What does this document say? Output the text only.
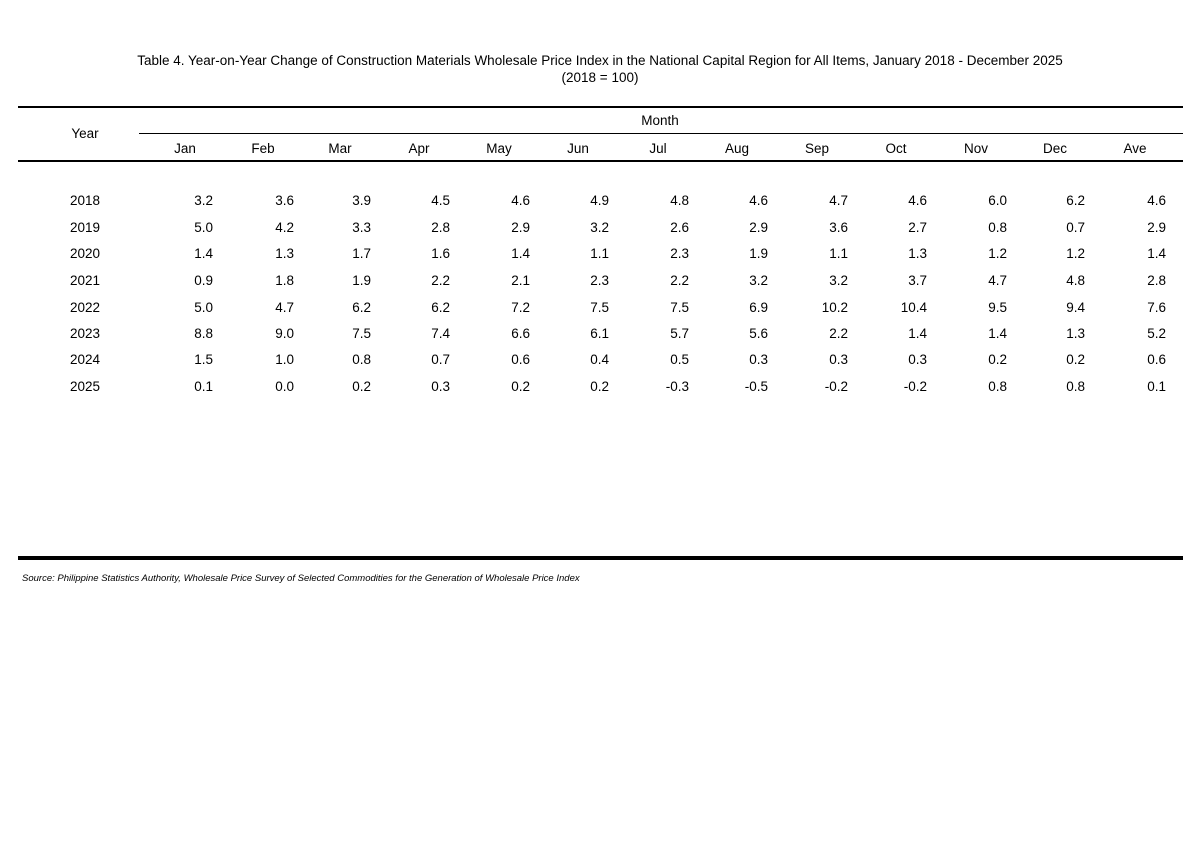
Table 4. Year-on-Year Change of Construction Materials Wholesale Price Index in the National Capital Region for All Items, January 2018 - December 2025
(2018 = 100)
Year
Month
Jan	Feb	Mar	Apr	May	Jun	Jul	Aug	Sep	Oct	Nov	Dec	Ave
2018	3.2	3.6	3.9	4.5	4.6	4.9	4.8	4.6	4.7	4.6	6.0	6.2	4.6
2019	5.0	4.2	3.3	2.8	2.9	3.2	2.6	2.9	3.6	2.7	0.8	0.7	2.9
2020	1.4	1.3	1.7	1.6	1.4	1.1	2.3	1.9	1.1	1.3	1.2	1.2	1.4
2021	0.9	1.8	1.9	2.2	2.1	2.3	2.2	3.2	3.2	3.7	4.7	4.8	2.8
2022	5.0	4.7	6.2	6.2	7.2	7.5	7.5	6.9	10.2	10.4	9.5	9.4	7.6
2023	8.8	9.0	7.5	7.4	6.6	6.1	5.7	5.6	2.2	1.4	1.4	1.3	5.2
2024	1.5	1.0	0.8	0.7	0.6	0.4	0.5	0.3	0.3	0.3	0.2	0.2	0.6
2025	0.1	0.0	0.2	0.3	0.2	0.2	-0.3	-0.5	-0.2	-0.2	0.8	0.8	0.1
Source: Philippine Statistics Authority, Wholesale Price Survey of Selected Commodities for the Generation of Wholesale Price Index
